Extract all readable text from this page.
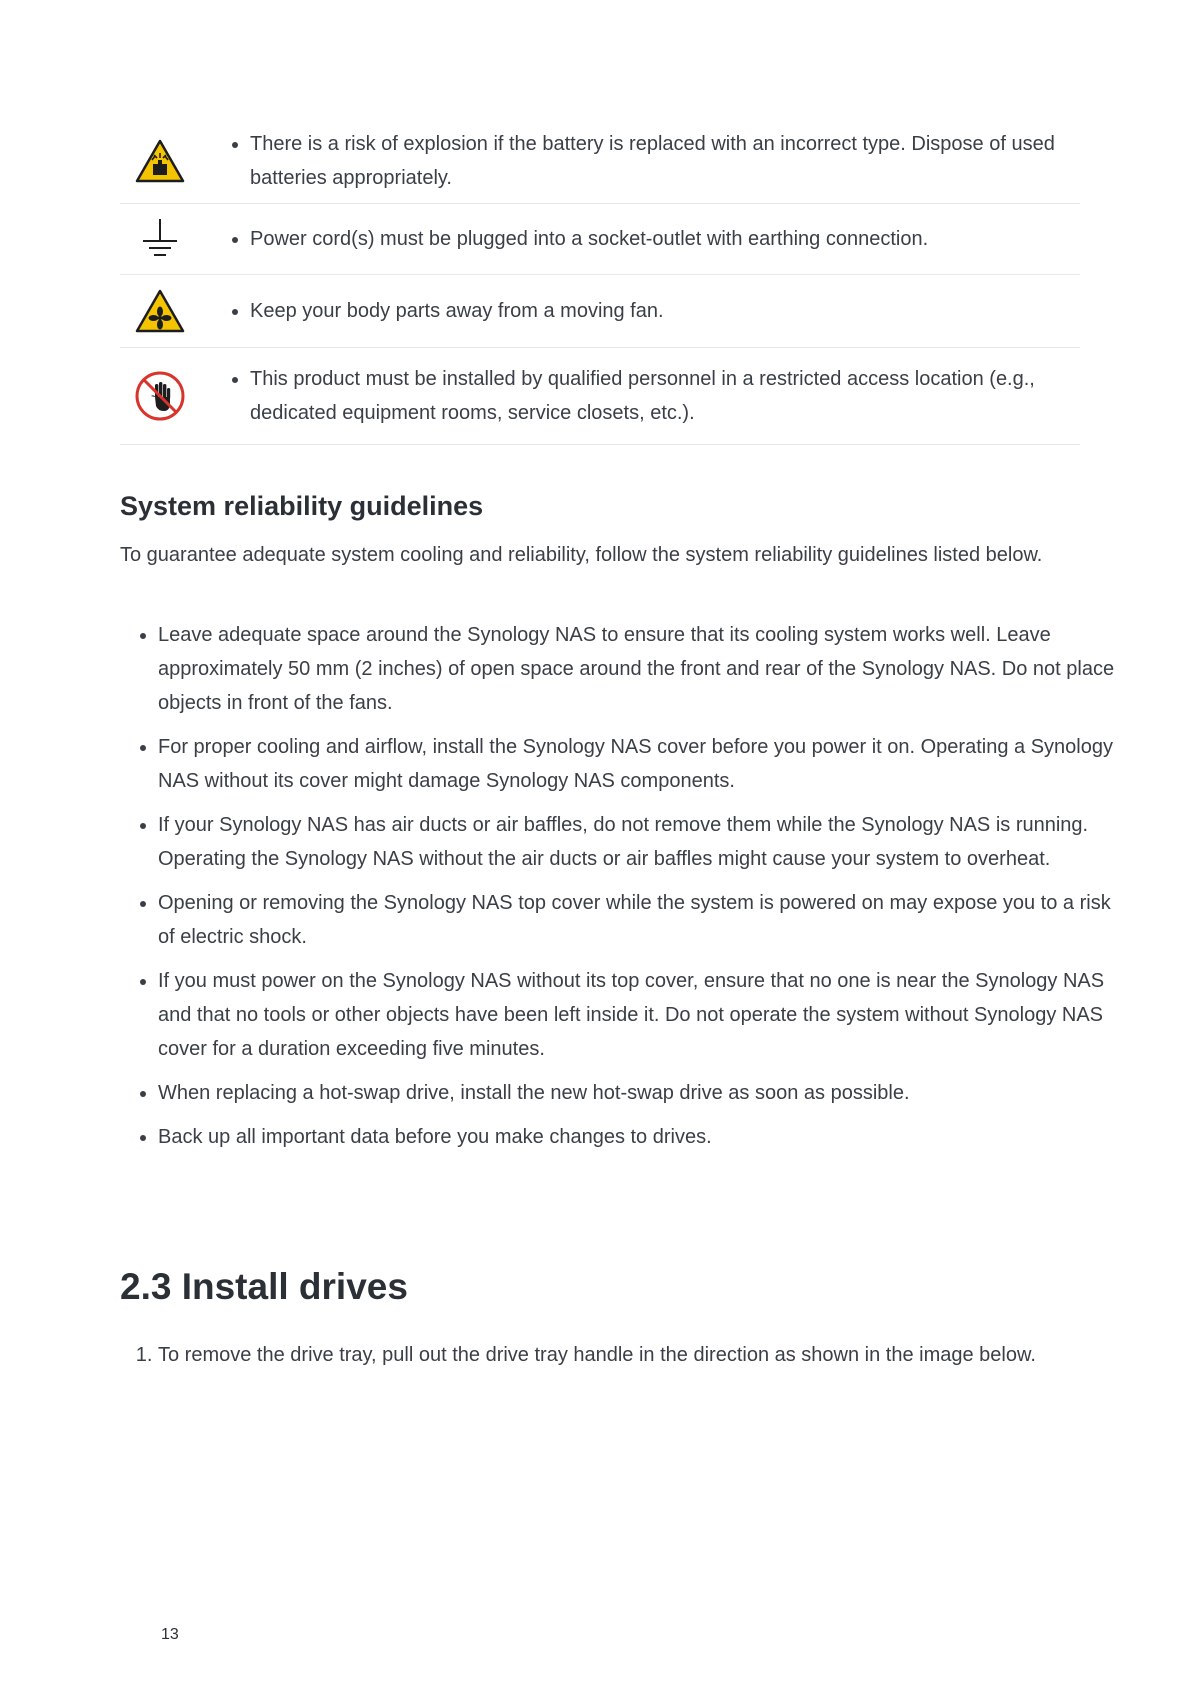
• There is a risk of explosion if the battery is replaced with an incorrect type. Dispose of used batteries appropriately.
• Power cord(s) must be plugged into a socket-outlet with earthing connection.
• Keep your body parts away from a moving fan.
• This product must be installed by qualified personnel in a restricted access location (e.g., dedicated equipment rooms, service closets, etc.).
System reliability guidelines

To guarantee adequate system cooling and reliability, follow the system reliability guidelines listed below.

• Leave adequate space around the Synology NAS to ensure that its cooling system works well. Leave approximately 50 mm (2 inches) of open space around the front and rear of the Synology NAS. Do not place objects in front of the fans.
• For proper cooling and airflow, install the Synology NAS cover before you power it on. Operating a Synology NAS without its cover might damage Synology NAS components.
• If your Synology NAS has air ducts or air baffles, do not remove them while the Synology NAS is running. Operating the Synology NAS without the air ducts or air baffles might cause your system to overheat.
• Opening or removing the Synology NAS top cover while the system is powered on may expose you to a risk of electric shock.
• If you must power on the Synology NAS without its top cover, ensure that no one is near the Synology NAS and that no tools or other objects have been left inside it. Do not operate the system without Synology NAS cover for a duration exceeding five minutes.
• When replacing a hot-swap drive, install the new hot-swap drive as soon as possible.
• Back up all important data before you make changes to drives.
2.3 Install drives
1. To remove the drive tray, pull out the drive tray handle in the direction as shown in the image below.
13
